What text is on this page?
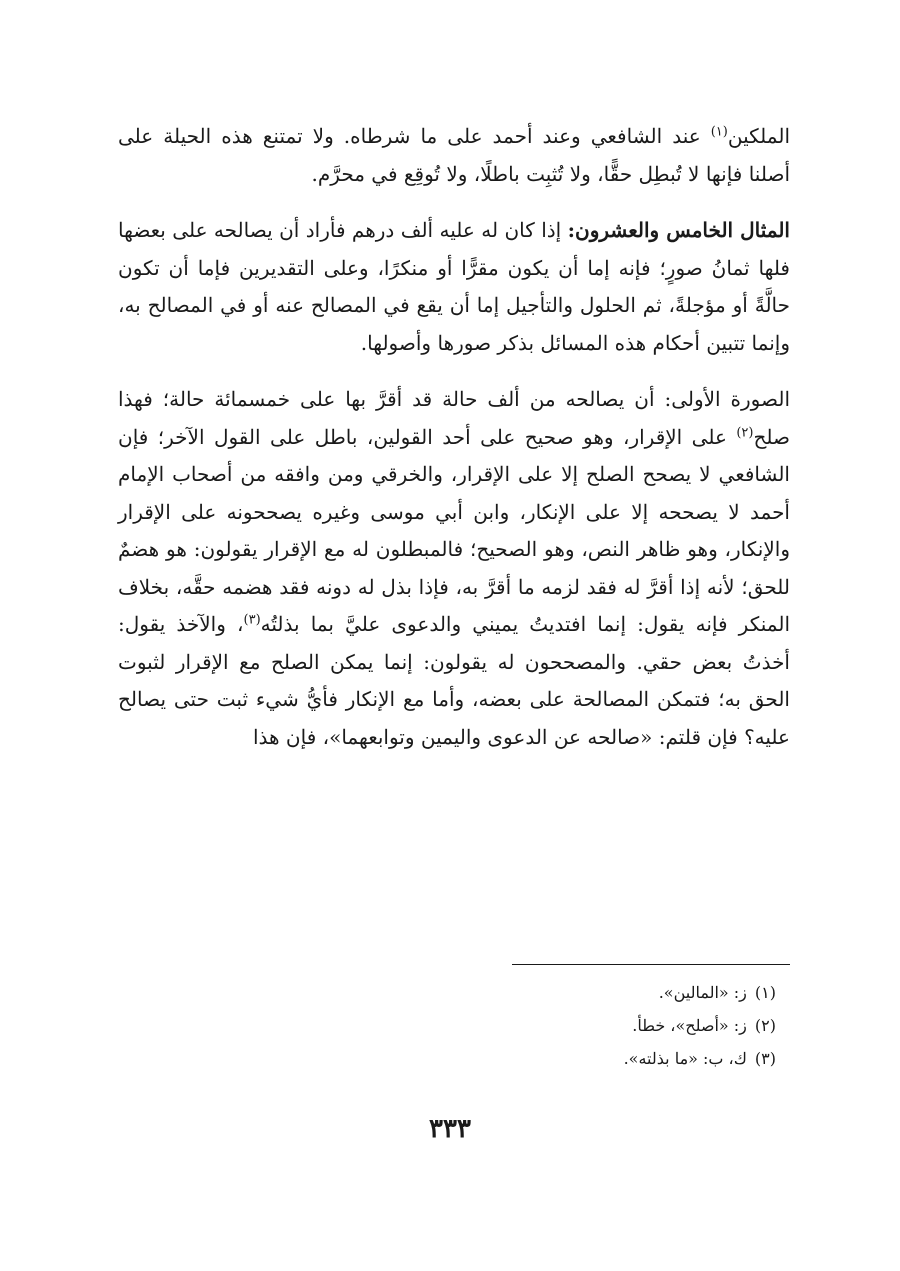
الملكين$^{(١)}$ عند الشافعي وعند أحمد على ما شرطاه. ولا تمتنع هذه الحيلة على أصلنا فإنها لا تُبطِل حقًّا، ولا تُثبِت باطلًا، ولا تُوقِع في محرَّم.

المثال الخامس والعشرون: إذا كان له عليه ألف درهم فأراد أن يصالحه على بعضها فلها ثمانُ صورٍ؛ فإنه إما أن يكون مقرًّا أو منكرًا، وعلى التقديرين فإما أن تكون حالَّةً أو مؤجلةً، ثم الحلول والتأجيل إما أن يقع في المصالح عنه أو في المصالح به، وإنما تتبين أحكام هذه المسائل بذكر صورها وأصولها.

الصورة الأولى: أن يصالحه من ألف حالة قد أقرَّ بها على خمسمائة حالة؛ فهذا صلح$^{(٢)}$ على الإقرار، وهو صحيح على أحد القولين، باطل على القول الآخر؛ فإن الشافعي لا يصحح الصلح إلا على الإقرار، والخرقي ومن وافقه من أصحاب الإمام أحمد لا يصححه إلا على الإنكار، وابن أبي موسى وغيره يصححونه على الإقرار والإنكار، وهو ظاهر النص، وهو الصحيح؛ فالمبطلون له مع الإقرار يقولون: هو هضمٌ للحق؛ لأنه إذا أقرَّ له فقد لزمه ما أقرَّ به، فإذا بذل له دونه فقد هضمه حقَّه، بخلاف المنكر فإنه يقول: إنما افتديتُ يميني والدعوى عليَّ بما بذلتُه$^{(٣)}$، والآخذ يقول: أخذتُ بعض حقي. والمصححون له يقولون: إنما يمكن الصلح مع الإقرار لثبوت الحق به؛ فتمكن المصالحة على بعضه، وأما مع الإنكار فأيُّ شيء ثبت حتى يصالح عليه؟ فإن قلتم: «صالحه عن الدعوى واليمين وتوابعهما»، فإن هذا

(١)ز: «المالين».
(٢)ز: «أصلح»، خطأ.
(٣)ك، ب: «ما بذلته».
٣٣٣
